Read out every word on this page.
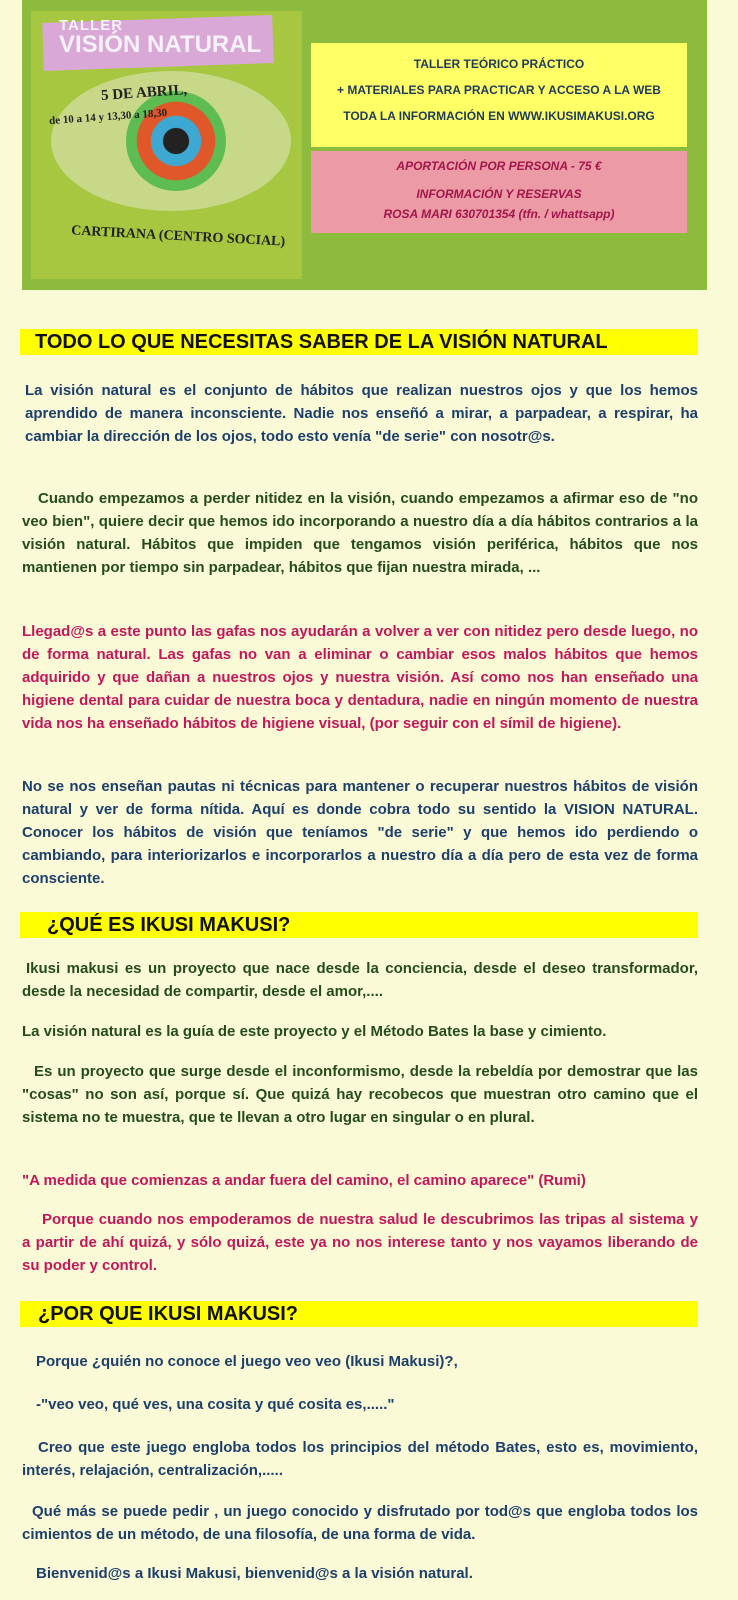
TALLER
VISIÓN NATURAL
5 DE ABRIL,
de 10 a 14 y 13,30 a 18,30
CARTIRANA (CENTRO SOCIAL)
TALLER TEÓRICO PRÁCTICO
+ MATERIALES PARA PRACTICAR Y ACCESO A LA WEB
TODA LA INFORMACIÓN EN WWW.IKUSIMAKUSI.ORG
APORTACIÓN POR PERSONA - 75 €
INFORMACIÓN Y RESERVAS
ROSA MARI 630701354 (tfn. / whattsapp)
TODO LO QUE NECESITAS SABER DE LA VISIÓN NATURAL

La visión natural es el conjunto de hábitos que realizan nuestros ojos y que los hemos aprendido de manera inconsciente. Nadie nos enseñó a mirar, a parpadear, a respirar, ha cambiar la dirección de los ojos, todo esto venía "de serie" con nosotr@s.

Cuando empezamos a perder nitidez en la visión, cuando empezamos a afirmar eso de "no veo bien", quiere decir que hemos ido incorporando a nuestro día a día hábitos contrarios a la visión natural. Hábitos que impiden que tengamos visión periférica, hábitos que nos mantienen por tiempo sin parpadear, hábitos que fijan nuestra mirada, ...

Llegad@s a este punto las gafas nos ayudarán a volver a ver con nitidez pero desde luego, no de forma natural. Las gafas no van a eliminar o cambiar esos malos hábitos que hemos adquirido y que dañan a nuestros ojos y nuestra visión. Así como nos han enseñado una higiene dental para cuidar de nuestra boca y dentadura, nadie en ningún momento de nuestra vida nos ha enseñado hábitos de higiene visual, (por seguir con el símil de higiene).

No se nos enseñan pautas ni técnicas para mantener o recuperar nuestros hábitos de visión natural y ver de forma nítida. Aquí es donde cobra todo su sentido la VISION NATURAL. Conocer los hábitos de visión que teníamos "de serie" y que hemos ido perdiendo o cambiando, para interiorizarlos e incorporarlos a nuestro día a día pero de esta vez de forma consciente.

¿QUÉ ES IKUSI MAKUSI?

Ikusi makusi es un proyecto que nace desde la conciencia, desde el deseo transformador, desde la necesidad de compartir, desde el amor,....

La visión natural es la guía de este proyecto y el Método Bates la base y cimiento.

Es un proyecto que surge desde el inconformismo, desde la rebeldía por demostrar que las "cosas" no son así, porque sí. Que quizá hay recobecos que muestran otro camino que el sistema no te muestra, que te llevan a otro lugar en singular o en plural.

"A medida que comienzas a andar fuera del camino, el camino aparece" (Rumi)

Porque cuando nos empoderamos de nuestra salud le descubrimos las tripas al sistema y a partir de ahí quizá, y sólo quizá, este ya no nos interese tanto y nos vayamos liberando de su poder y control.

¿POR QUE IKUSI MAKUSI?

Porque ¿quién no conoce el juego veo veo (Ikusi Makusi)?,

-"veo veo, qué ves, una cosita y qué cosita es,....."

Creo que este juego engloba todos los principios del método Bates, esto es, movimiento, interés, relajación, centralización,.....

Qué más se puede pedir , un juego conocido y disfrutado por tod@s que engloba todos los cimientos de un método, de una filosofía, de una forma de vida.

Bienvenid@s a Ikusi Makusi, bienvenid@s a la visión natural.
